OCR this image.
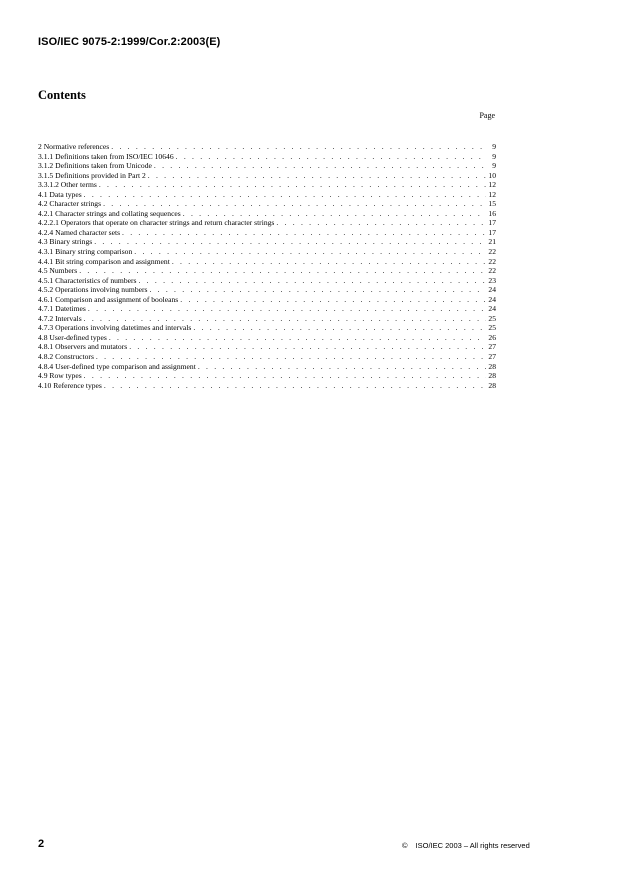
ISO/IEC 9075-2:1999/Cor.2:2003(E)
Contents
Page
2 Normative references . . .	9
3.1.1 Definitions taken from ISO/IEC 10646 . . .	9
3.1.2 Definitions taken from Unicode . . .	9
3.1.5 Definitions provided in Part 2 . . .	10
3.3.1.2 Other terms . . .	12
4.1 Data types . . .	12
4.2 Character strings . . .	15
4.2.1 Character strings and collating sequences . . .	16
4.2.2.1 Operators that operate on character strings and return character strings . . .	17
4.2.4 Named character sets . . .	17
4.3 Binary strings . . .	21
4.3.1 Binary string comparison . . .	22
4.4.1 Bit string comparison and assignment . . .	22
4.5 Numbers . . .	22
4.5.1 Characteristics of numbers . . .	23
4.5.2 Operations involving numbers . . .	24
4.6.1 Comparison and assignment of booleans . . .	24
4.7.1 Datetimes . . .	24
4.7.2 Intervals . . .	25
4.7.3 Operations involving datetimes and intervals . . .	25
4.8 User-defined types . . .	26
4.8.1 Observers and mutators . . .	27
4.8.2 Constructors . . .	27
4.8.4 User-defined type comparison and assignment . . .	28
4.9 Row types . . .	28
4.10 Reference types . . .	28
2	© ISO/IEC 2003 – All rights reserved
